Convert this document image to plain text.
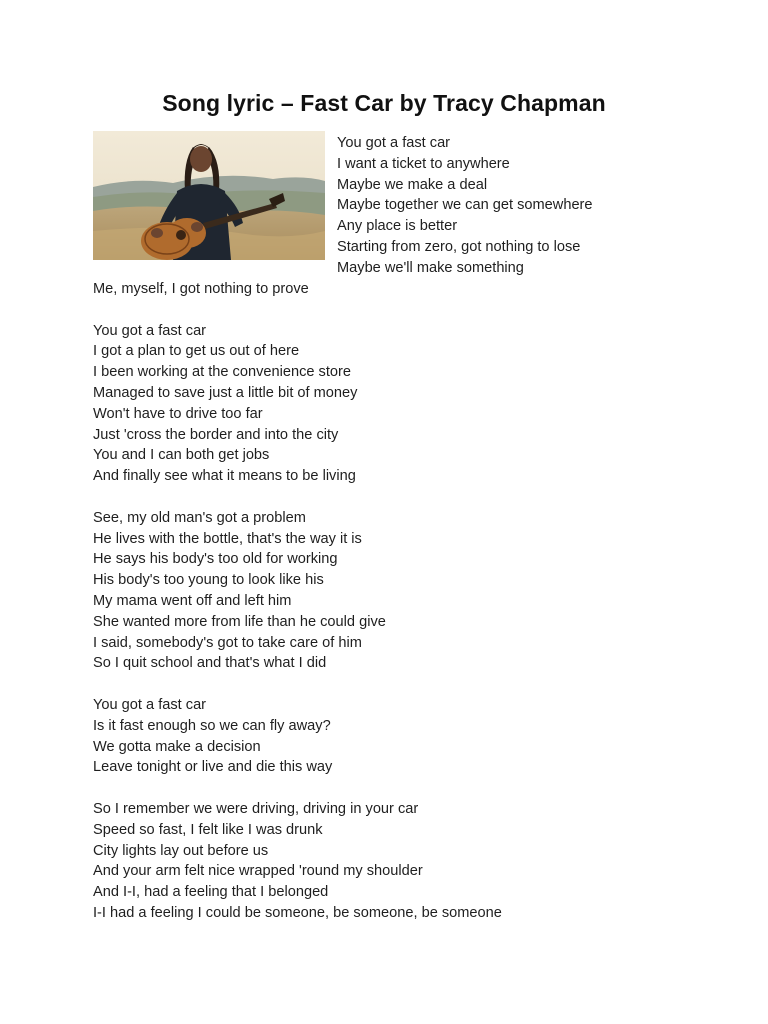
Song lyric – Fast Car by Tracy Chapman
You got a fast car
I want a ticket to anywhere
Maybe we make a deal
Maybe together we can get somewhere
Any place is better
Starting from zero, got nothing to lose
Maybe we'll make something
Me, myself, I got nothing to prove
You got a fast car
I got a plan to get us out of here
I been working at the convenience store
Managed to save just a little bit of money
Won't have to drive too far
Just 'cross the border and into the city
You and I can both get jobs
And finally see what it means to be living
See, my old man's got a problem
He lives with the bottle, that's the way it is
He says his body's too old for working
His body's too young to look like his
My mama went off and left him
She wanted more from life than he could give
I said, somebody's got to take care of him
So I quit school and that's what I did
You got a fast car
Is it fast enough so we can fly away?
We gotta make a decision
Leave tonight or live and die this way
So I remember we were driving, driving in your car
Speed so fast, I felt like I was drunk
City lights lay out before us
And your arm felt nice wrapped 'round my shoulder
And I-I, had a feeling that I belonged
I-I had a feeling I could be someone, be someone, be someone
